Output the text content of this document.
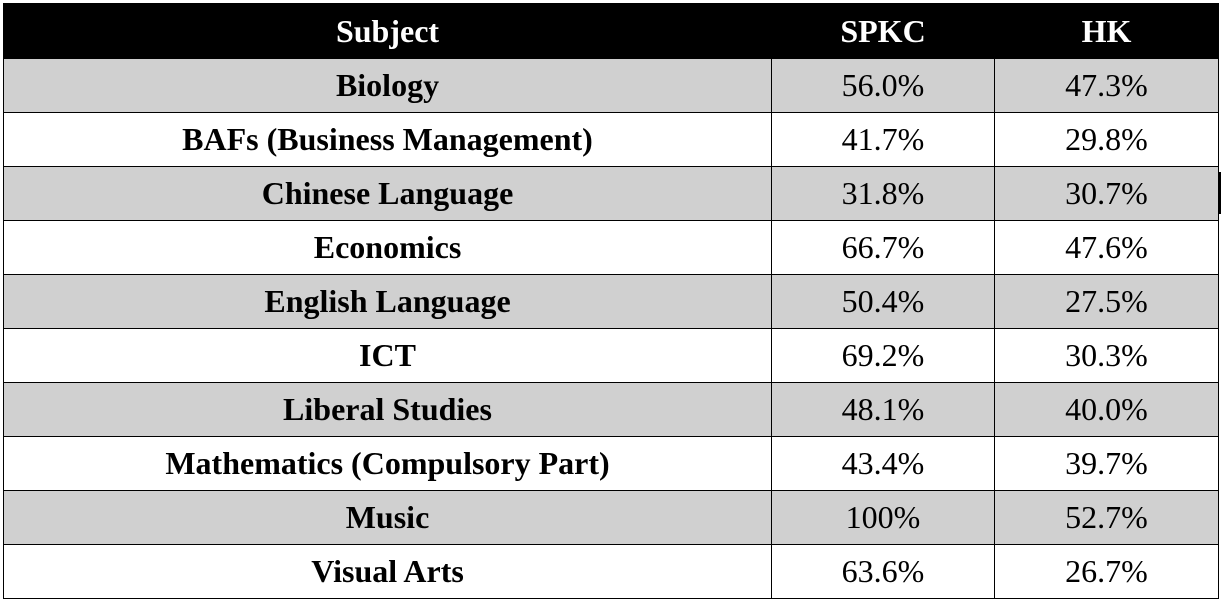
Subject	SPKC	HK
Biology	56.0%	47.3%
BAFs (Business Management)	41.7%	29.8%
Chinese Language	31.8%	30.7%
Economics	66.7%	47.6%
English Language	50.4%	27.5%
ICT	69.2%	30.3%
Liberal Studies	48.1%	40.0%
Mathematics (Compulsory Part)	43.4%	39.7%
Music	100%	52.7%
Visual Arts	63.6%	26.7%
